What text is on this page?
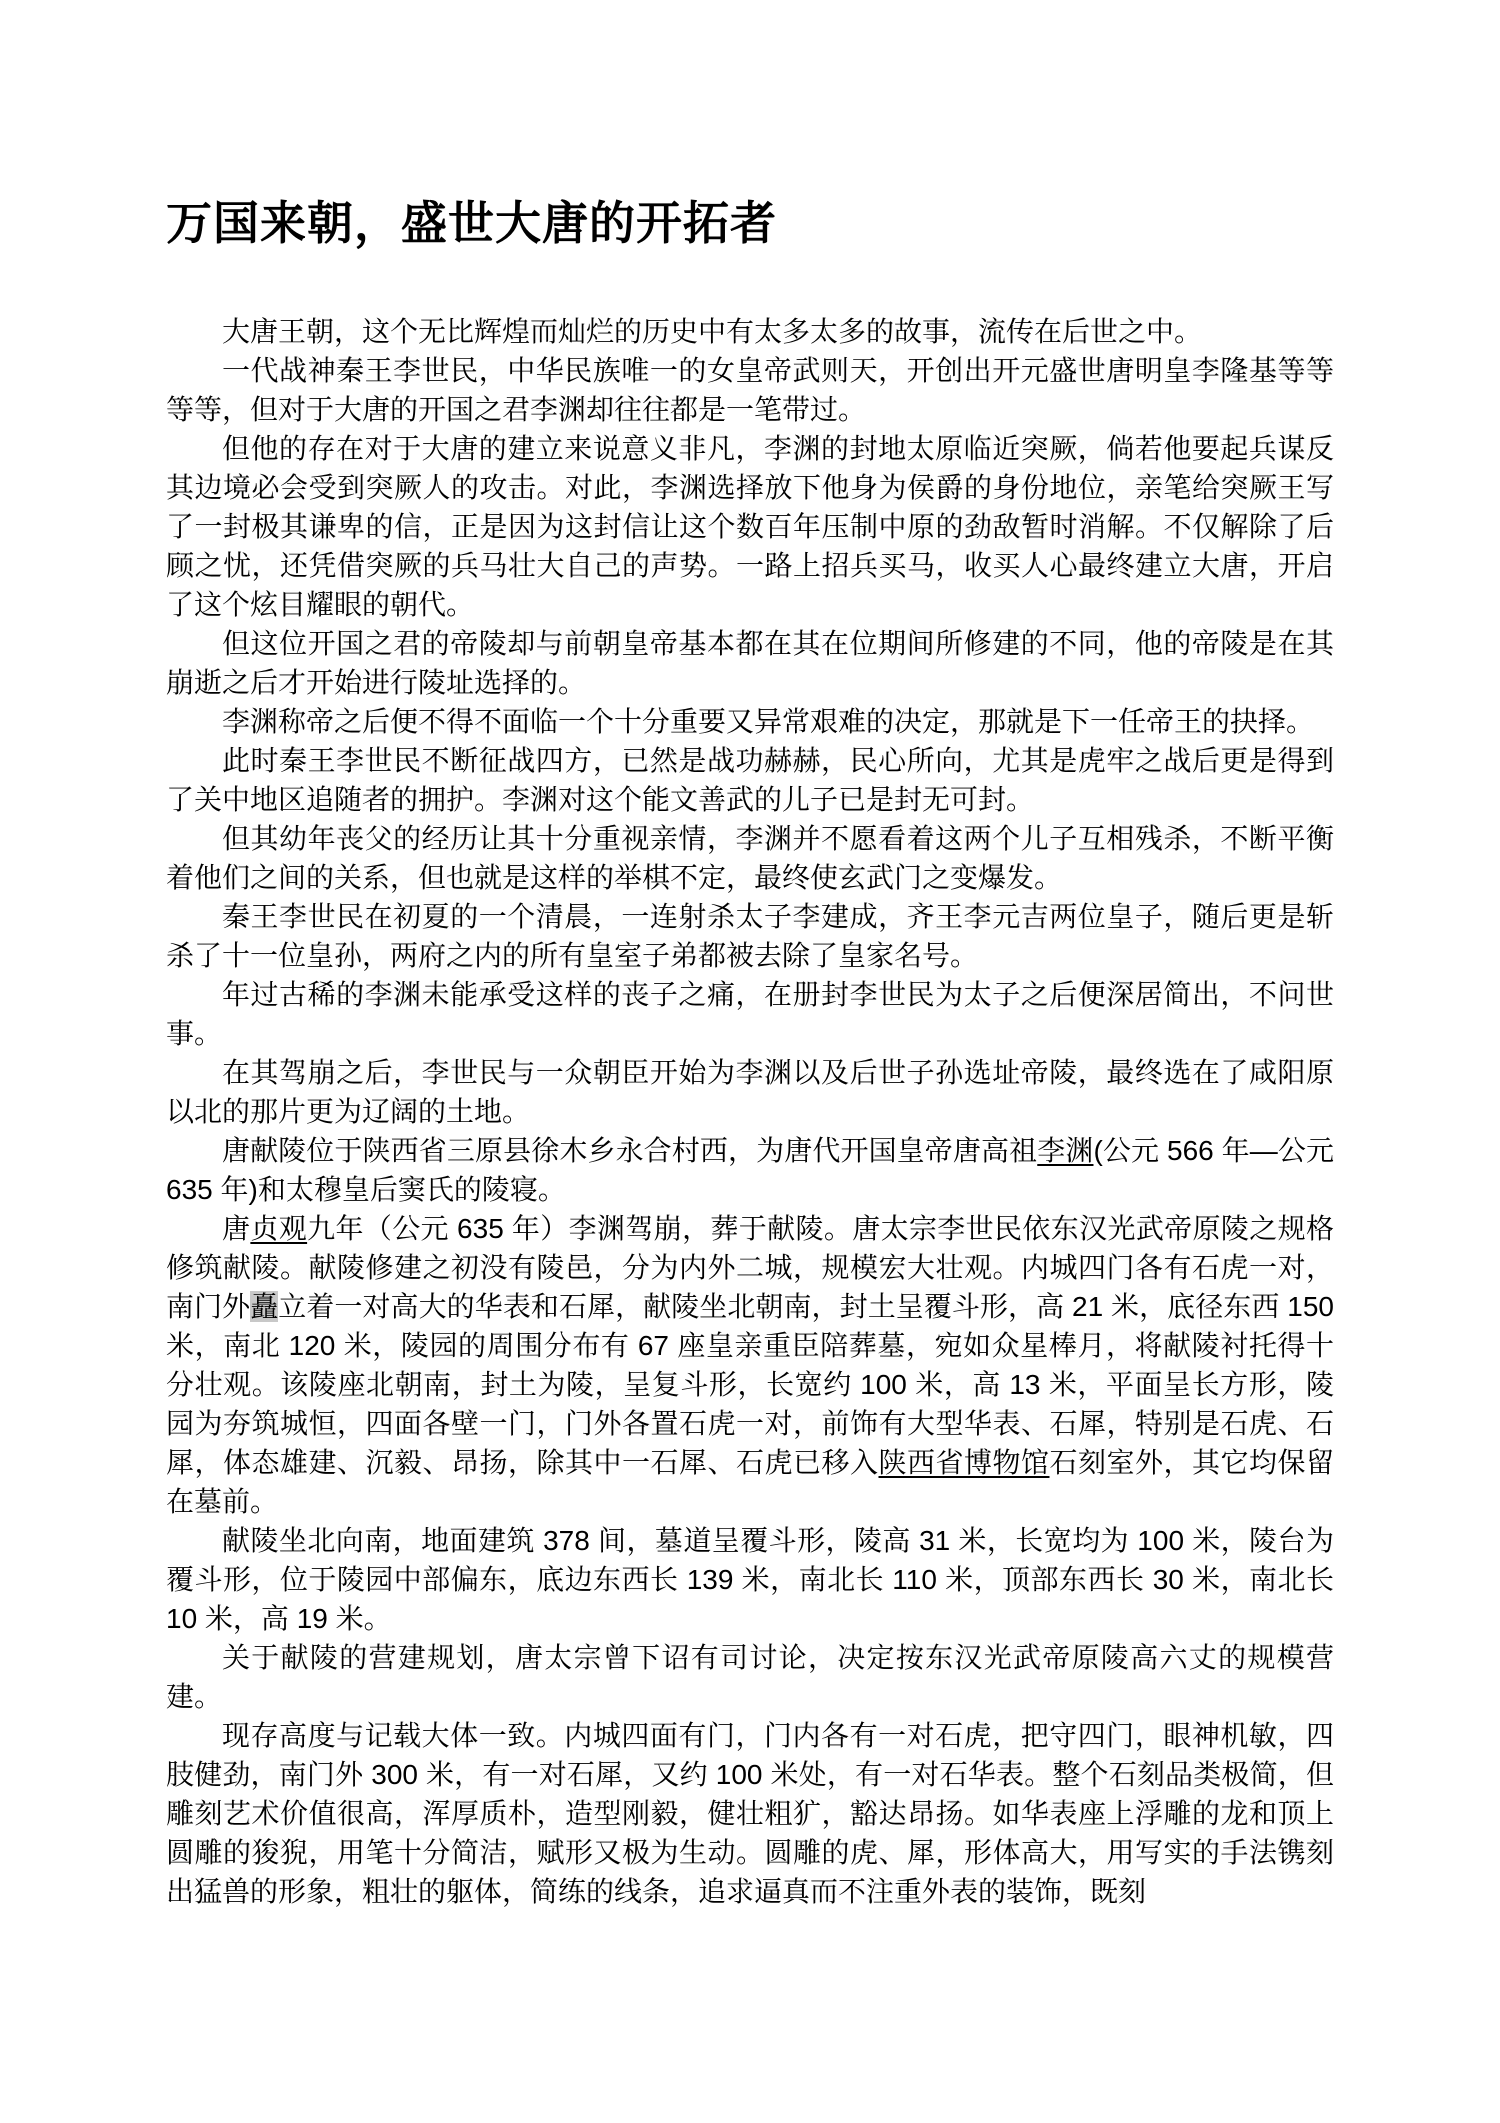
万国来朝，盛世大唐的开拓者

大唐王朝，这个无比辉煌而灿烂的历史中有太多太多的故事，流传在后世之中。

一代战神秦王李世民，中华民族唯一的女皇帝武则天，开创出开元盛世唐明皇李隆基等等等等，但对于大唐的开国之君李渊却往往都是一笔带过。

但他的存在对于大唐的建立来说意义非凡，李渊的封地太原临近突厥，倘若他要起兵谋反其边境必会受到突厥人的攻击。对此，李渊选择放下他身为侯爵的身份地位，亲笔给突厥王写了一封极其谦卑的信，正是因为这封信让这个数百年压制中原的劲敌暂时消解。不仅解除了后顾之忧，还凭借突厥的兵马壮大自己的声势。一路上招兵买马，收买人心最终建立大唐，开启了这个炫目耀眼的朝代。

但这位开国之君的帝陵却与前朝皇帝基本都在其在位期间所修建的不同，他的帝陵是在其崩逝之后才开始进行陵址选择的。

李渊称帝之后便不得不面临一个十分重要又异常艰难的决定，那就是下一任帝王的抉择。

此时秦王李世民不断征战四方，已然是战功赫赫，民心所向，尤其是虎牢之战后更是得到了关中地区追随者的拥护。李渊对这个能文善武的儿子已是封无可封。

但其幼年丧父的经历让其十分重视亲情，李渊并不愿看着这两个儿子互相残杀，不断平衡着他们之间的关系，但也就是这样的举棋不定，最终使玄武门之变爆发。

秦王李世民在初夏的一个清晨，一连射杀太子李建成，齐王李元吉两位皇子，随后更是斩杀了十一位皇孙，两府之内的所有皇室子弟都被去除了皇家名号。

年过古稀的李渊未能承受这样的丧子之痛，在册封李世民为太子之后便深居简出，不问世事。

在其驾崩之后，李世民与一众朝臣开始为李渊以及后世子孙选址帝陵，最终选在了咸阳原以北的那片更为辽阔的土地。

唐献陵位于陕西省三原县徐木乡永合村西，为唐代开国皇帝唐高祖李渊(公元 566 年—公元 635 年)和太穆皇后窦氏的陵寝。

唐贞观九年（公元 635 年）李渊驾崩，葬于献陵。唐太宗李世民依东汉光武帝原陵之规格修筑献陵。献陵修建之初没有陵邑，分为内外二城，规模宏大壮观。内城四门各有石虎一对，南门外矗立着一对高大的华表和石犀，献陵坐北朝南，封土呈覆斗形，高 21 米，底径东西 150 米，南北 120 米，陵园的周围分布有 67 座皇亲重臣陪葬墓，宛如众星棒月，将献陵衬托得十分壮观。该陵座北朝南，封土为陵，呈复斗形，长宽约 100 米，高 13 米，平面呈长方形，陵园为夯筑城恒，四面各壁一门，门外各置石虎一对，前饰有大型华表、石犀，特别是石虎、石犀，体态雄建、沉毅、昂扬，除其中一石犀、石虎已移入陕西省博物馆石刻室外，其它均保留在墓前。

献陵坐北向南，地面建筑 378 间，墓道呈覆斗形，陵高 31 米，长宽均为 100 米，陵台为覆斗形，位于陵园中部偏东，底边东西长 139 米，南北长 110 米，顶部东西长 30 米，南北长 10 米，高 19 米。

关于献陵的营建规划，唐太宗曾下诏有司讨论，决定按东汉光武帝原陵高六丈的规模营建。

现存高度与记载大体一致。内城四面有门，门内各有一对石虎，把守四门，眼神机敏，四肢健劲，南门外 300 米，有一对石犀，又约 100 米处，有一对石华表。整个石刻品类极简，但雕刻艺术价值很高，浑厚质朴，造型刚毅，健壮粗犷，豁达昂扬。如华表座上浮雕的龙和顶上圆雕的狻猊，用笔十分简洁，赋形又极为生动。圆雕的虎、犀，形体高大，用写实的手法镌刻出猛兽的形象，粗壮的躯体，简练的线条，追求逼真而不注重外表的装饰，既刻
